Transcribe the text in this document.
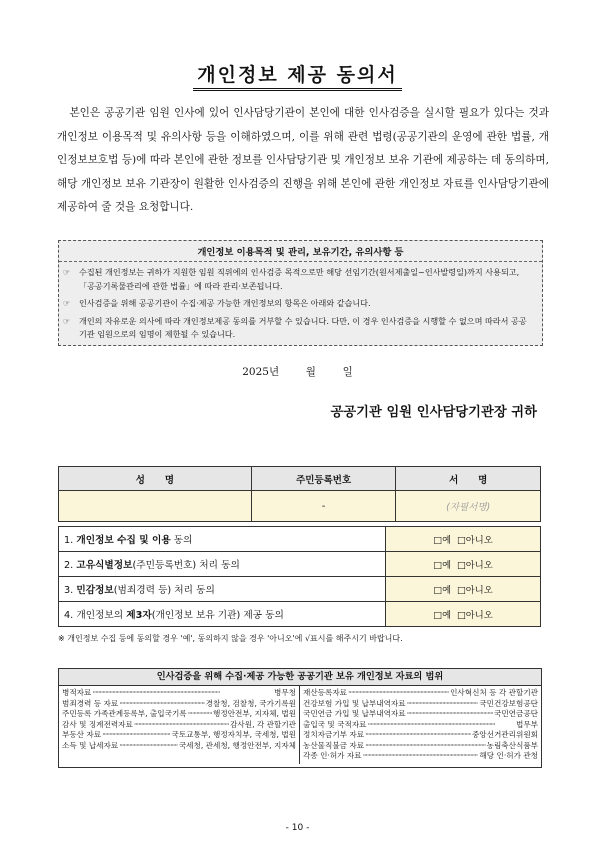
개인정보 제공 동의서
본인은 공공기관 임원 인사에 있어 인사담당기관이 본인에 대한 인사검증을 실시할 필요가 있다는 것과 개인정보 이용목적 및 유의사항 등을 이해하였으며, 이를 위해 관련 법령(공공기관의 운영에 관한 법률, 개인정보보호법 등)에 따라 본인에 관한 정보를 인사담당기관 및 개인정보 보유 기관에 제공하는 데 동의하며, 해당 개인정보 보유 기관장이 원활한 인사검증의 진행을 위해 본인에 관한 개인정보 자료를 인사담당기관에 제공하여 줄 것을 요청합니다.
개인정보 이용목적 및 관리, 보유기간, 유의사항 등
☞ 수집된 개인정보는 귀하가 지원한 임원 직위에의 인사검증 목적으로만 해당 선임기간(원서제출일~인사발령일)까지 사용되고,「공공기록물관리에 관한 법률」에 따라 관리·보존됩니다.
☞ 인사검증을 위해 공공기관이 수집·제공 가능한 개인정보의 항목은 아래와 같습니다.
☞ 개인의 자유로운 의사에 따라 개인정보제공 동의를 거부할 수 있습니다. 다만, 이 경우 인사검증을 시행할 수 없으며 따라서 공공기관 임원으로의 임명이 제한될 수 있습니다.
2025년        월        일
공공기관 임원 인사담당기관장 귀하
성      명	주민등록번호	서      명
	-	(자필서명)
1. 개인정보 수집 및 이용 동의	□예 □아니오
2. 고유식별정보(주민등록번호) 처리 동의	□예 □아니오
3. 민감정보(범죄경력 등) 처리 동의	□예 □아니오
4. 개인정보의 제3자(개인정보 보유 기관) 제공 동의	□예 □아니오
※ 개인정보 수집 등에 동의할 경우 '예', 동의하지 않을 경우 '아니오'에 √표시를 해주시기 바랍니다.
인사검증을 위해 수집·제공 가능한 공공기관 보유 개인정보 자료의 범위
병적자료 ·····	병무청
범죄경력 등 자료 ·····	경찰청, 검찰청, 국가기록원
주민등록 가족관계등록부, 출입국기록 ·····	행정안전부, 지자체, 법원
감사 및 징계전력자료 ·····	감사원, 각 관할기관
부동산 자료 ·····	국토교통부, 행정자치부, 국세청, 법원
소득 및 납세자료 ·····	국세청, 관세청, 행정안전부, 지자체
재산등록자료 ·····	인사혁신처 등 각 관할기관
건강보험 가입 및 납부내역자료 ·····	국민건강보험공단
국민연금 가입 및 납부내역자료 ·····	국민연금공단
출입국 및 국적자료 ·····	법무부
정치자금기부 자료 ·····	중앙선거관리위원회
농산물직불금 자료 ·····	농림축산식품부
각종 인·허가 자료 ·····	해당 인·허가 관청
- 10 -
